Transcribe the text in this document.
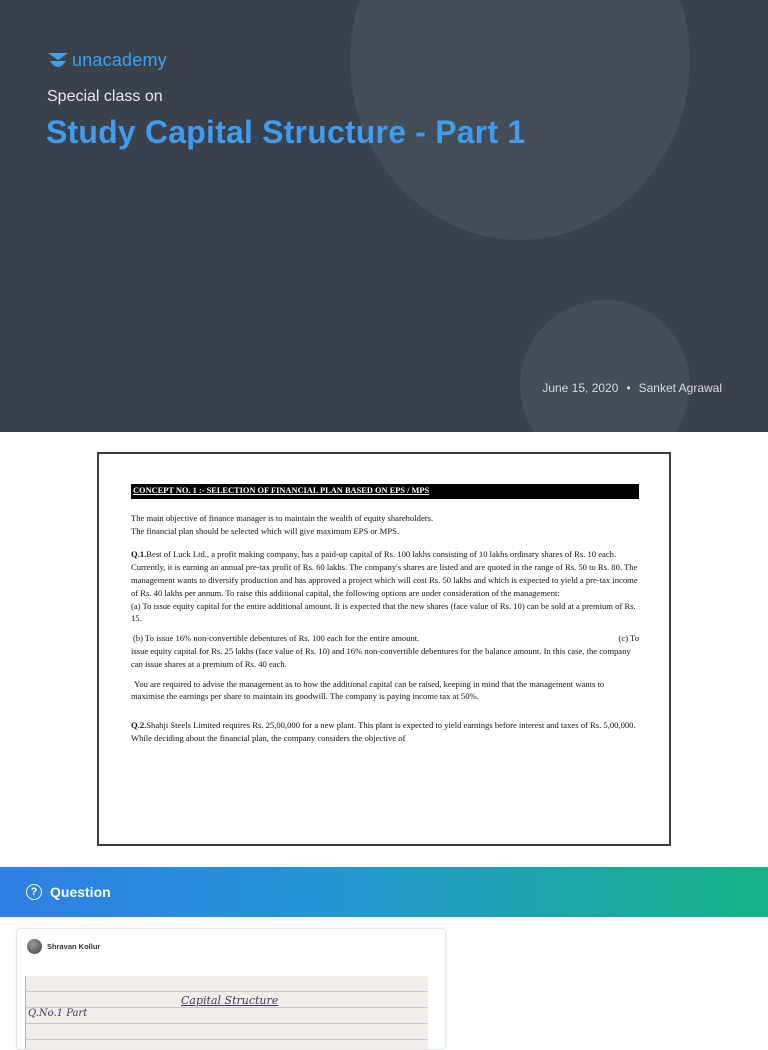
unacademy
Special class on
Study Capital Structure - Part 1
June 15, 2020 • Sanket Agrawal
CONCEPT NO. 1 :- SELECTION OF FINANCIAL PLAN BASED ON EPS / MPS

The main objective of finance manager is to maintain the wealth of equity shareholders.

The financial plan should be selected which will give maximum EPS or MPS.

Q.1.Best of Luck Ltd., a profit making company, has a paid-up capital of Rs. 100 lakhs consisting of 10 lakhs ordinary shares of Rs. 10 each. Currently, it is earning an annual pre-tax profit of Rs. 60 lakhs. The company's shares are listed and are quoted in the range of Rs. 50 to Rs. 80. The management wants to diversify production and has approved a project which will cost Rs. 50 lakhs and which is expected to yield a pre-tax income of Rs. 40 lakhs per annum. To raise this additional capital, the following options are under consideration of the management:

(a) To issue equity capital for the entire additional amount. It is expected that the new shares (face value of Rs. 10) can be sold at a premium of Rs. 15.

(b) To issue 16% non-convertible debentures of Rs. 100 each for the entire amount.	(c) To

issue equity capital for Rs. 25 lakhs (face value of Rs. 10) and 16% non-convertible debentures for the balance amount. In this case, the company can issue shares at a premium of Rs. 40 each.

You are required to advise the management as to how the additional capital can be raised, keeping in mind that the management wants to maximise the earnings per share to maintain its goodwill. The company is paying income tax at 50%.

Q.2.Shahji Steels Limited requires Rs. 25,00,000 for a new plant. This plant is expected to yield earnings before interest and taxes of Rs. 5,00,000. While deciding about the financial plan, the company considers the objective of

? Question
Shravan Kollur
Capital Structure
Q.No.1 Part
